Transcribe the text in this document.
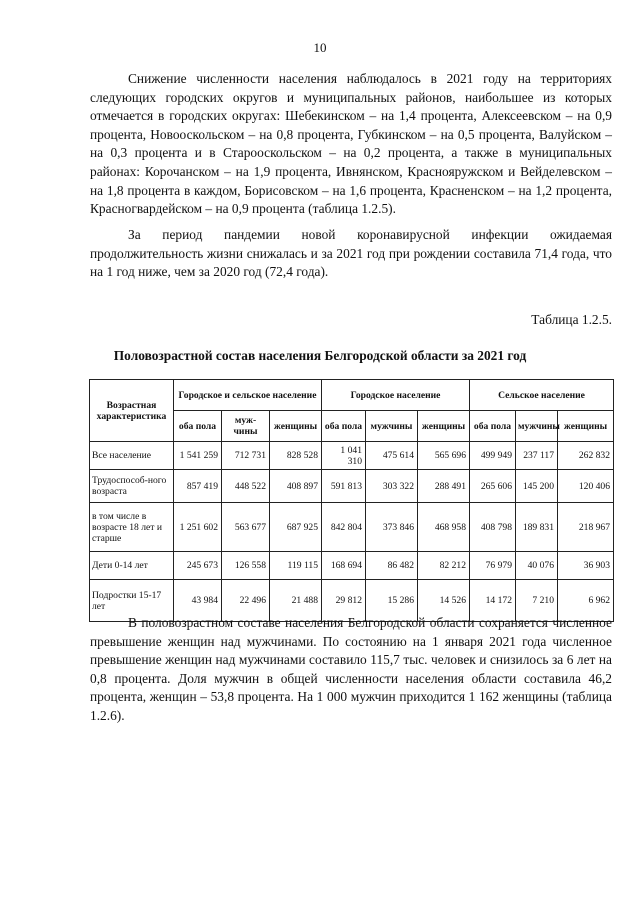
10

Снижение численности населения наблюдалось в 2021 году на территориях следующих городских округов и муниципальных районов, наибольшее из которых отмечается в городских округах: Шебекинском – на 1,4 процента, Алексеевском – на 0,9 процента, Новооскольском – на 0,8 процента, Губкинском – на 0,5 процента, Валуйском – на 0,3 процента и в Старооскольском – на 0,2 процента, а также в муниципальных районах: Корочанском – на 1,9 процента, Ивнянском, Краснояружском и Вейделевском – на 1,8 процента в каждом, Борисовском – на 1,6 процента, Красненском – на 1,2 процента, Красногвардейском – на 0,9 процента (таблица 1.2.5).

За период пандемии новой коронавирусной инфекции ожидаемая продолжительность жизни снижалась и за 2021 год при рождении составила 71,4 года, что на 1 год ниже, чем за 2020 год (72,4 года).

Таблица 1.2.5.
Половозрастной состав населения Белгородской области за 2021 год
Возрастная характеристика	Городское и сельское население			Городское население			Сельское население		
	оба пола	муж-чины	женщины	оба пола	мужчины	женщины	оба пола	мужчины	женщины
Все население	1 541 259	712 731	828 528	1 041 310	475 614	565 696	499 949	237 117	262 832
Трудоспособ-ного возраста	857 419	448 522	408 897	591 813	303 322	288 491	265 606	145 200	120 406
в том числе в возрасте 18 лет и старше	1 251 602	563 677	687 925	842 804	373 846	468 958	408 798	189 831	218 967
Дети 0-14 лет	245 673	126 558	119 115	168 694	86 482	82 212	76 979	40 076	36 903
Подростки 15-17 лет	43 984	22 496	21 488	29 812	15 286	14 526	14 172	7 210	6 962

В половозрастном составе населения Белгородской области сохраняется численное превышение женщин над мужчинами. По состоянию на 1 января 2021 года численное превышение женщин над мужчинами составило 115,7 тыс. человек и снизилось за 6 лет на 0,8 процента. Доля мужчин в общей численности населения области составила 46,2 процента, женщин – 53,8 процента. На 1 000 мужчин приходится 1 162 женщины (таблица 1.2.6).
